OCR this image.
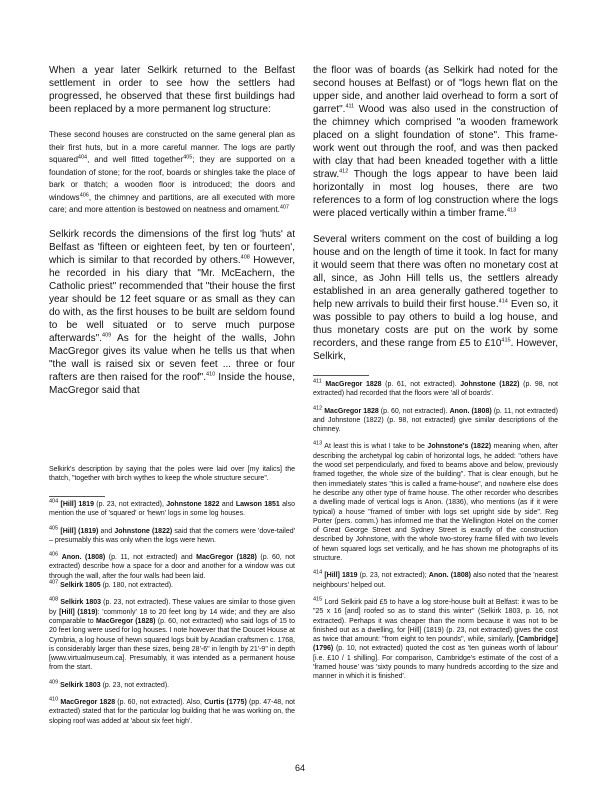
When a year later Selkirk returned to the Belfast settlement in order to see how the settlers had progressed, he observed that these first buildings had been replaced by a more permanent log structure:

These second houses are constructed on the same general plan as their first huts, but in a more careful manner. The logs are partly squared$^{404}$, and well fitted together$^{405}$; they are supported on a foundation of stone; for the roof, boards or shingles take the place of bark or thatch; a wooden floor is introduced; the doors and windows$^{406}$, the chimney and partitions, are all executed with more care; and more attention is bestowed on neatness and ornament.$^{407}$

Selkirk records the dimensions of the first log 'huts' at Belfast as 'fifteen or eighteen feet, by ten or fourteen', which is similar to that recorded by others.$^{408}$ However, he recorded in his diary that "Mr. McEachern, the Catholic priest" recommended that "their house the first year should be 12 feet square or as small as they can do with, as the first houses to be built are seldom found to be well situated or to serve much purpose afterwards".$^{409}$ As for the height of the walls, John MacGregor gives its value when he tells us that when "the wall is raised six or seven feet ... three or four rafters are then raised for the roof".$^{410}$ Inside the house, MacGregor said that

Selkirk's description by saying that the poles were laid over [my italics] the thatch, "together with birch wythes to keep the whole structure secure".

$^{404}$ [Hill] 1819 (p. 23, not extracted), Johnstone 1822 and Lawson 1851 also mention the use of 'squared' or 'hewn' logs in some log houses.

$^{405}$ [Hill] (1819) and Johnstone (1822) said that the corners were 'dove-tailed' – presumably this was only when the logs were hewn.

$^{406}$ Anon. (1808) (p. 11, not extracted) and MacGregor (1828) (p. 60, not extracted) describe how a space for a door and another for a window was cut through the wall, after the four walls had been laid.

$^{407}$ Selkirk 1805 (p. 180, not extracted).

$^{408}$ Selkirk 1803 (p. 23, not extracted). These values are similar to those given by [Hill] (1819): 'commonly' 18 to 20 feet long by 14 wide; and they are also comparable to MacGregor (1828) (p. 60, not extracted) who said logs of 15 to 20 feet long were used for log houses. I note however that the Doucet House at Cymbria, a log house of hewn squared logs built by Acadian craftsmen c. 1768, is considerably larger than these sizes, being 28'-6" in length by 21'-9" in depth [www.virtualmuseum.ca]. Presumably, it was intended as a permanent house from the start.

$^{409}$ Selkirk 1803 (p. 23, not extracted).

$^{410}$ MacGregor 1828 (p. 60, not extracted). Also, Curtis (1775) (pp. 47-48, not extracted) stated that for the particular log building that he was working on, the sloping roof was added at 'about six feet high'.

the floor was of boards (as Selkirk had noted for the second houses at Belfast) or of "logs hewn flat on the upper side, and another laid overhead to form a sort of garret".$^{411}$ Wood was also used in the construction of the chimney which comprised "a wooden framework placed on a slight foundation of stone". This frame-work went out through the roof, and was then packed with clay that had been kneaded together with a little straw.$^{412}$ Though the logs appear to have been laid horizontally in most log houses, there are two references to a form of log construction where the logs were placed vertically within a timber frame.$^{413}$

Several writers comment on the cost of building a log house and on the length of time it took. In fact for many it would seem that there was often no monetary cost at all, since, as John Hill tells us, the settlers already established in an area generally gathered together to help new arrivals to build their first house.$^{414}$ Even so, it was possible to pay others to build a log house, and thus monetary costs are put on the work by some recorders, and these range from £5 to $£10^{415}$. However, Selkirk,

$^{411}$ MacGregor 1828 (p. 61, not extracted). Johnstone (1822) (p. 98, not extracted) had recorded that the floors were 'all of boards'.

$^{412}$ MacGregor 1828 (p. 60, not extracted). Anon. (1808) (p. 11, not extracted) and Johnstone (1822) (p. 98, not extracted) give similar descriptions of the chimney.

$^{413}$ At least this is what I take to be Johnstone's (1822) meaning when, after describing the archetypal log cabin of horizontal logs, he added: "others have the wood set perpendicularly, and fixed to beams above and below, previously framed together, the whole size of the building". That is clear enough, but he then immediately states "this is called a frame-house", and nowhere else does he describe any other type of frame house. The other recorder who describes a dwelling made of vertical logs is Anon. (1836), who mentions (as if it were typical) a house "framed of timber with logs set upright side by side". Reg Porter (pers. comm.) has informed me that the Wellington Hotel on the corner of Great George Street and Sydney Street is exactly of the construction described by Johnstone, with the whole two-storey frame filled with two levels of hewn squared logs set vertically, and he has shown me photographs of its structure.

$^{414}$ [Hill] 1819 (p. 23, not extracted); Anon. (1808) also noted that the 'nearest neighbours' helped out.

$^{415}$ Lord Selkirk paid £5 to have a log store-house built at Belfast: it was to be "25 x 16 [and] roofed so as to stand this winter" (Selkirk 1803, p. 16, not extracted). Perhaps it was cheaper than the norm because it was not to be finished out as a dwelling, for [Hill] (1819) (p. 23, not extracted) gives the cost as twice that amount: "from eight to ten pounds", while, similarly, [Cambridge] (1796) (p. 10, not extracted) quoted the cost as 'ten guineas worth of labour' [i.e. £10 / 1 shilling]. For comparison, Cambridge's estimate of the cost of a 'framed house' was 'sixty pounds to many hundreds according to the size and manner in which it is finished'.

64
